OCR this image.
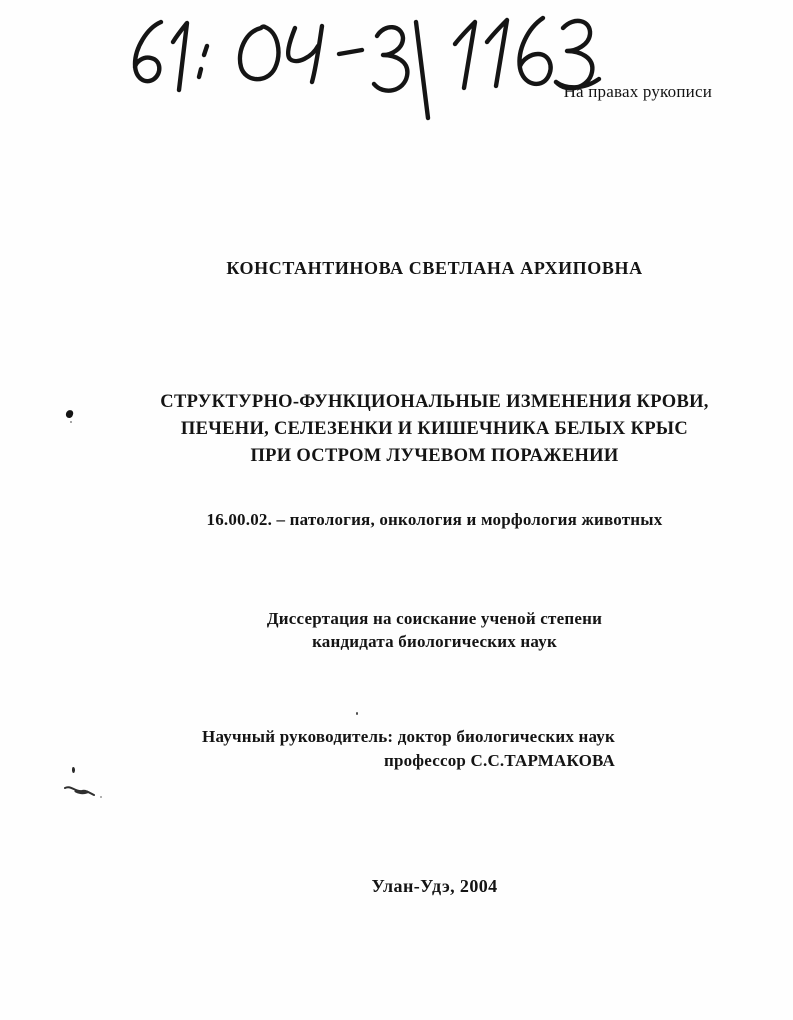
На правах рукописи
КОНСТАНТИНОВА СВЕТЛАНА АРХИПОВНА
СТРУКТУРНО-ФУНКЦИОНАЛЬНЫЕ ИЗМЕНЕНИЯ КРОВИ,
ПЕЧЕНИ, СЕЛЕЗЕНКИ И КИШЕЧНИКА БЕЛЫХ КРЫС
ПРИ ОСТРОМ ЛУЧЕВОМ ПОРАЖЕНИИ
16.00.02. – патология, онкология и морфология животных
Диссертация на соискание ученой степени
кандидата биологических наук
Научный руководитель: доктор биологических наук
профессор С.С.ТАРМАКОВА
Улан-Удэ, 2004
